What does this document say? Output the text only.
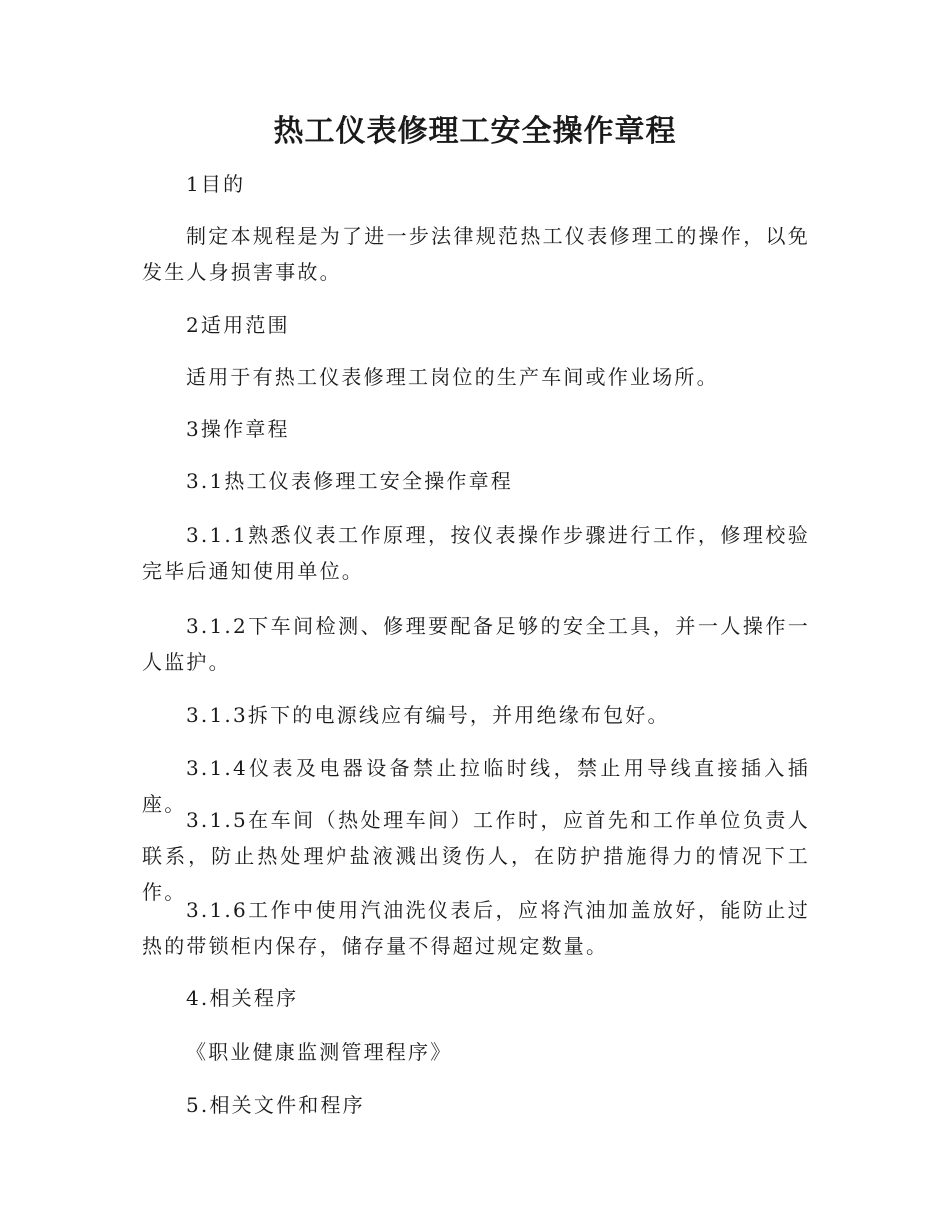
热工仪表修理工安全操作章程

1目的

制定本规程是为了进一步法律规范热工仪表修理工的操作，以免发生人身损害事故。

2适用范围

适用于有热工仪表修理工岗位的生产车间或作业场所。

3操作章程

3.1热工仪表修理工安全操作章程

3.1.1熟悉仪表工作原理，按仪表操作步骤进行工作，修理校验完毕后通知使用单位。

3.1.2下车间检测、修理要配备足够的安全工具，并一人操作一人监护。

3.1.3拆下的电源线应有编号，并用绝缘布包好。

3.1.4仪表及电器设备禁止拉临时线，禁止用导线直接插入插座。

3.1.5在车间（热处理车间）工作时，应首先和工作单位负责人联系，防止热处理炉盐液溅出烫伤人，在防护措施得力的情况下工作。

3.1.6工作中使用汽油洗仪表后，应将汽油加盖放好，能防止过热的带锁柜内保存，储存量不得超过规定数量。

4.相关程序

《职业健康监测管理程序》

5.相关文件和程序
